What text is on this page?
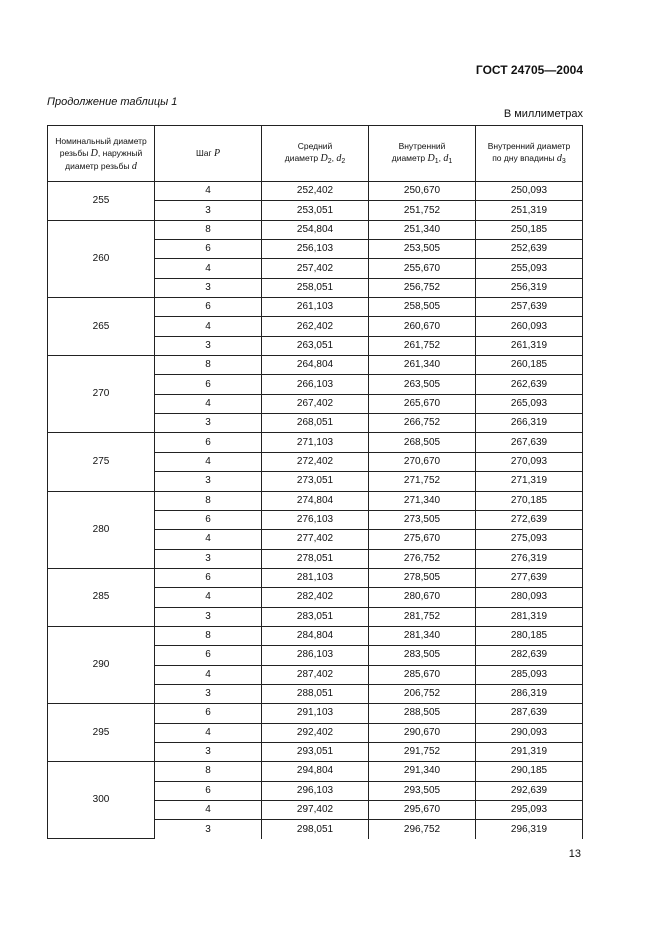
ГОСТ 24705—2004
Продолжение таблицы 1
В миллиметрах
Номинальный диаметр
резьбы D, наружный
диаметр резьбы d	Шаг P	Средний
диаметр $D_2$, $d_2$	Внутренний
диаметр $D_1$, $d_1$	Внутренний диаметр
по дну впадины $d_3$
255	4	252,402	250,670	250,093
	3	253,051	251,752	251,319
260	8	254,804	251,340	250,185
	6	256,103	253,505	252,639
	4	257,402	255,670	255,093
	3	258,051	256,752	256,319
265	6	261,103	258,505	257,639
	4	262,402	260,670	260,093
	3	263,051	261,752	261,319
270	8	264,804	261,340	260,185
	6	266,103	263,505	262,639
	4	267,402	265,670	265,093
	3	268,051	266,752	266,319
275	6	271,103	268,505	267,639
	4	272,402	270,670	270,093
	3	273,051	271,752	271,319
280	8	274,804	271,340	270,185
	6	276,103	273,505	272,639
	4	277,402	275,670	275,093
	3	278,051	276,752	276,319
285	6	281,103	278,505	277,639
	4	282,402	280,670	280,093
	3	283,051	281,752	281,319
290	8	284,804	281,340	280,185
	6	286,103	283,505	282,639
	4	287,402	285,670	285,093
	3	288,051	206,752	286,319
295	6	291,103	288,505	287,639
	4	292,402	290,670	290,093
	3	293,051	291,752	291,319
300	8	294,804	291,340	290,185
	6	296,103	293,505	292,639
	4	297,402	295,670	295,093
	3	298,051	296,752	296,319
13
